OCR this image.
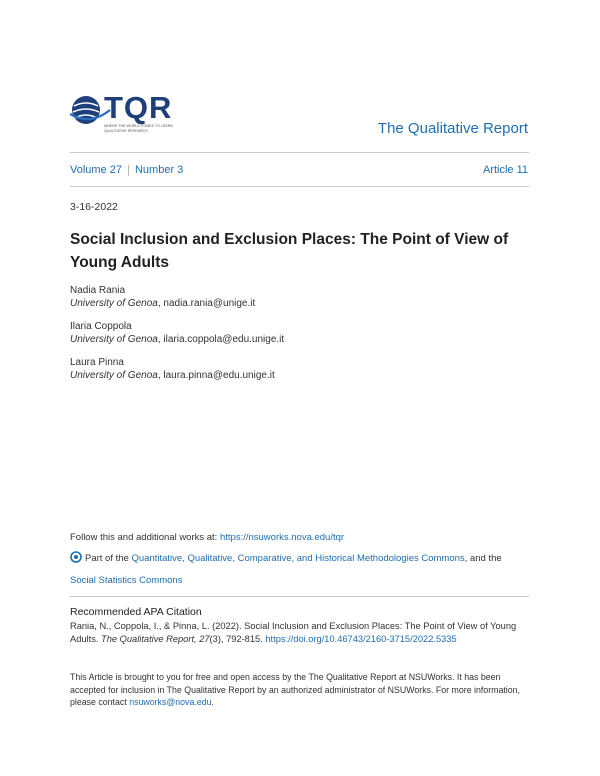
TQR
WHERE THE WORLD COMES TO LEARN QUALITATIVE RESEARCH	The Qualitative Report
Volume 27 Number 3	Article 11
3-16-2022
Social Inclusion and Exclusion Places: The Point of View of Young Adults
Nadia Rania
University of Genoa, nadia.rania@unige.it
Ilaria Coppola
University of Genoa, ilaria.coppola@edu.unige.it
Laura Pinna
University of Genoa, laura.pinna@edu.unige.it
Follow this and additional works at: https://nsuworks.nova.edu/tqr
Part of the Quantitative, Qualitative, Comparative, and Historical Methodologies Commons, and the
Social Statistics Commons
Recommended APA Citation
Rania, N., Coppola, I., & Pinna, L. (2022). Social Inclusion and Exclusion Places: The Point of View of Young Adults. The Qualitative Report, 27(3), 792-815. https://doi.org/10.46743/2160-3715/2022.5335
This Article is brought to you for free and open access by the The Qualitative Report at NSUWorks. It has been accepted for inclusion in The Qualitative Report by an authorized administrator of NSUWorks. For more information, please contact nsuworks@nova.edu.
